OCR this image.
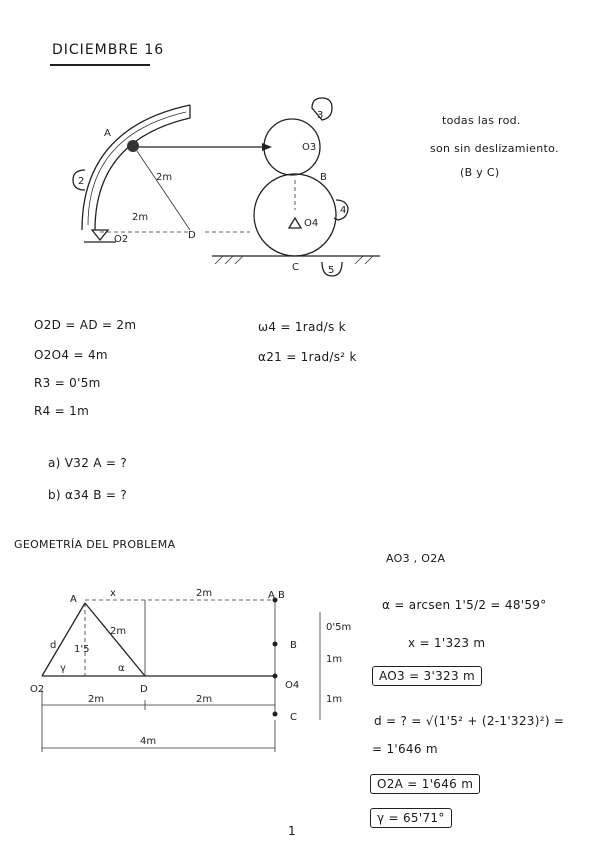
DICIEMBRE 16
A
B
C
D
O2
O3
O4
2
3
4
5
2m
2m
todas las rod.
son sin deslizamiento.
(B y C)
O2D = AD = 2m
O2O4 = 4m
R3 = 0'5m
R4 = 1m
ω4 = 1rad/s k
α21 = 1rad/s² k
a) V32 A = ?
b) α34 B = ?
GEOMETRÍA DEL PROBLEMA
A
x	2m	A B
d 1'5
2m
γ	α
O2	D	O4
B
C
0'5m
1m
1m
2m	2m
4m
AO3 , O2A
α = arcsen 1'5/2 = 48'59°
x = 1'323 m
AO3 = 3'323 m
d = ? = √(1'5² + (2-1'323)²) =
= 1'646 m
O2A = 1'646 m
γ = 65'71°
1
